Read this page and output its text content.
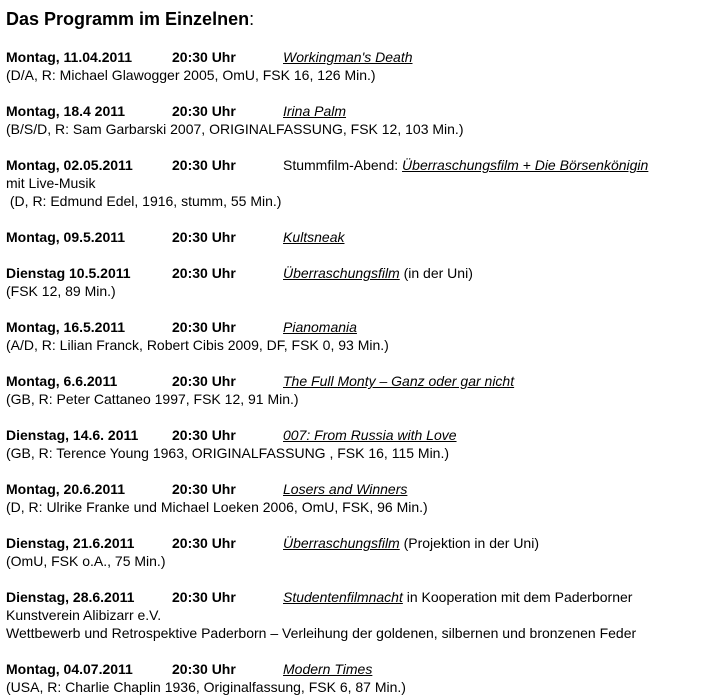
Das Programm im Einzelnen:
Montag, 11.04.2011	20:30 Uhr	Workingman's Death
(D/A, R: Michael Glawogger 2005, OmU, FSK 16, 126 Min.)
Montag, 18.4 2011	20:30 Uhr	Irina Palm
(B/S/D, R: Sam Garbarski 2007, ORIGINALFASSUNG, FSK 12, 103 Min.)
Montag, 02.05.2011	20:30 Uhr	Stummfilm-Abend: Überraschungsfilm + Die Börsenkönigin
mit Live-Musik
(D, R: Edmund Edel, 1916, stumm, 55 Min.)
Montag, 09.5.2011	20:30 Uhr	Kultsneak
Dienstag 10.5.2011	20:30 Uhr	Überraschungsfilm (in der Uni)
(FSK 12, 89 Min.)
Montag, 16.5.2011	20:30 Uhr	Pianomania
(A/D, R: Lilian Franck, Robert Cibis 2009, DF, FSK 0, 93 Min.)
Montag, 6.6.2011	20:30 Uhr	The Full Monty – Ganz oder gar nicht
(GB, R: Peter Cattaneo 1997, FSK 12, 91 Min.)
Dienstag, 14.6. 2011 20:30 Uhr	007: From Russia with Love
(GB, R: Terence Young 1963, ORIGINALFASSUNG , FSK 16, 115 Min.)
Montag, 20.6.2011	20:30 Uhr	Losers and Winners
(D, R: Ulrike Franke und Michael Loeken 2006, OmU, FSK, 96 Min.)
Dienstag, 21.6.2011	20:30 Uhr	Überraschungsfilm (Projektion in der Uni)
(OmU, FSK o.A., 75 Min.)
Dienstag, 28.6.2011	20:30 Uhr	Studentenfilmnacht in Kooperation mit dem Paderborner
Kunstverein Alibizarr e.V.
Wettbewerb und Retrospektive Paderborn – Verleihung der goldenen, silbernen und bronzenen Feder
Montag, 04.07.2011	20:30 Uhr	Modern Times
(USA, R: Charlie Chaplin 1936, Originalfassung, FSK 6, 87 Min.)
